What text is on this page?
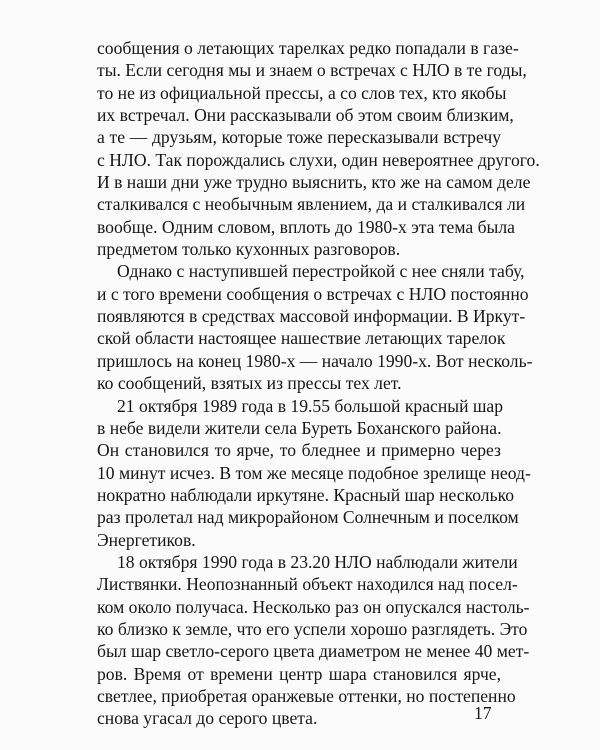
сообщения о летающих тарелках редко попадали в газе-
ты. Если сегодня мы и знаем о встречах с НЛО в те годы,
то не из официальной прессы, а со слов тех, кто якобы
их встречал. Они рассказывали об этом своим близким,
а те — друзьям, которые тоже пересказывали встречу
с НЛО. Так порождались слухи, один невероятнее другого.
И в наши дни уже трудно выяснить, кто же на самом деле
сталкивался с необычным явлением, да и сталкивался ли
вообще. Одним словом, вплоть до 1980-х эта тема была
предметом только кухонных разговоров.
Однако с наступившей перестройкой с нее сняли табу,
и с того времени сообщения о встречах с НЛО постоянно
появляются в средствах массовой информации. В Иркут-
ской области настоящее нашествие летающих тарелок
пришлось на конец 1980-х — начало 1990-х. Вот несколь-
ко сообщений, взятых из прессы тех лет.
21 октября 1989 года в 19.55 большой красный шар
в небе видели жители села Буреть Боханского района.
Он становился то ярче, то бледнее и примерно через
10 минут исчез. В том же месяце подобное зрелище неод-
нократно наблюдали иркутяне. Красный шар несколько
раз пролетал над микрорайоном Солнечным и поселком
Энергетиков.
18 октября 1990 года в 23.20 НЛО наблюдали жители
Листвянки. Неопознанный объект находился над посел-
ком около получаса. Несколько раз он опускался настоль-
ко близко к земле, что его успели хорошо разглядеть. Это
был шар светло-серого цвета диаметром не менее 40 мет-
ров. Время от времени центр шара становился ярче,
светлее, приобретая оранжевые оттенки, но постепенно
снова угасал до серого цвета.	17
